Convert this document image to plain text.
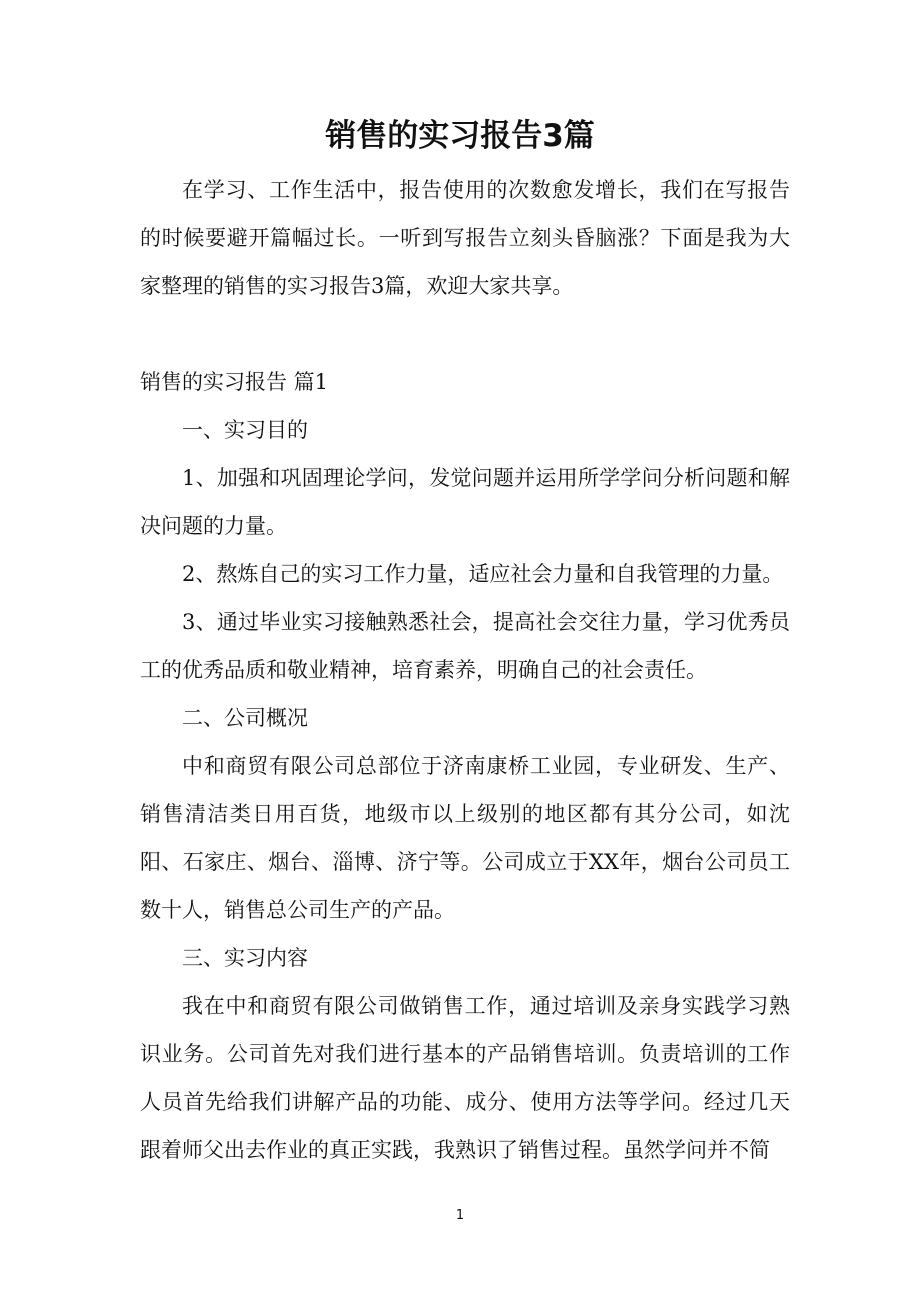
销售的实习报告3篇

在学习、工作生活中，报告使用的次数愈发增长，我们在写报告的时候要避开篇幅过长。一听到写报告立刻头昏脑涨？下面是我为大家整理的销售的实习报告3篇，欢迎大家共享。

销售的实习报告 篇1

一、实习目的

1、加强和巩固理论学问，发觉问题并运用所学学问分析问题和解决问题的力量。

2、熬炼自己的实习工作力量，适应社会力量和自我管理的力量。

3、通过毕业实习接触熟悉社会，提高社会交往力量，学习优秀员工的优秀品质和敬业精神，培育素养，明确自己的社会责任。

二、公司概况

中和商贸有限公司总部位于济南康桥工业园，专业研发、生产、销售清洁类日用百货，地级市以上级别的地区都有其分公司，如沈阳、石家庄、烟台、淄博、济宁等。公司成立于XX年，烟台公司员工数十人，销售总公司生产的产品。

三、实习内容

我在中和商贸有限公司做销售工作，通过培训及亲身实践学习熟识业务。公司首先对我们进行基本的产品销售培训。负责培训的工作人员首先给我们讲解产品的功能、成分、使用方法等学问。经过几天跟着师父出去作业的真正实践，我熟识了销售过程。虽然学问并不简

1
